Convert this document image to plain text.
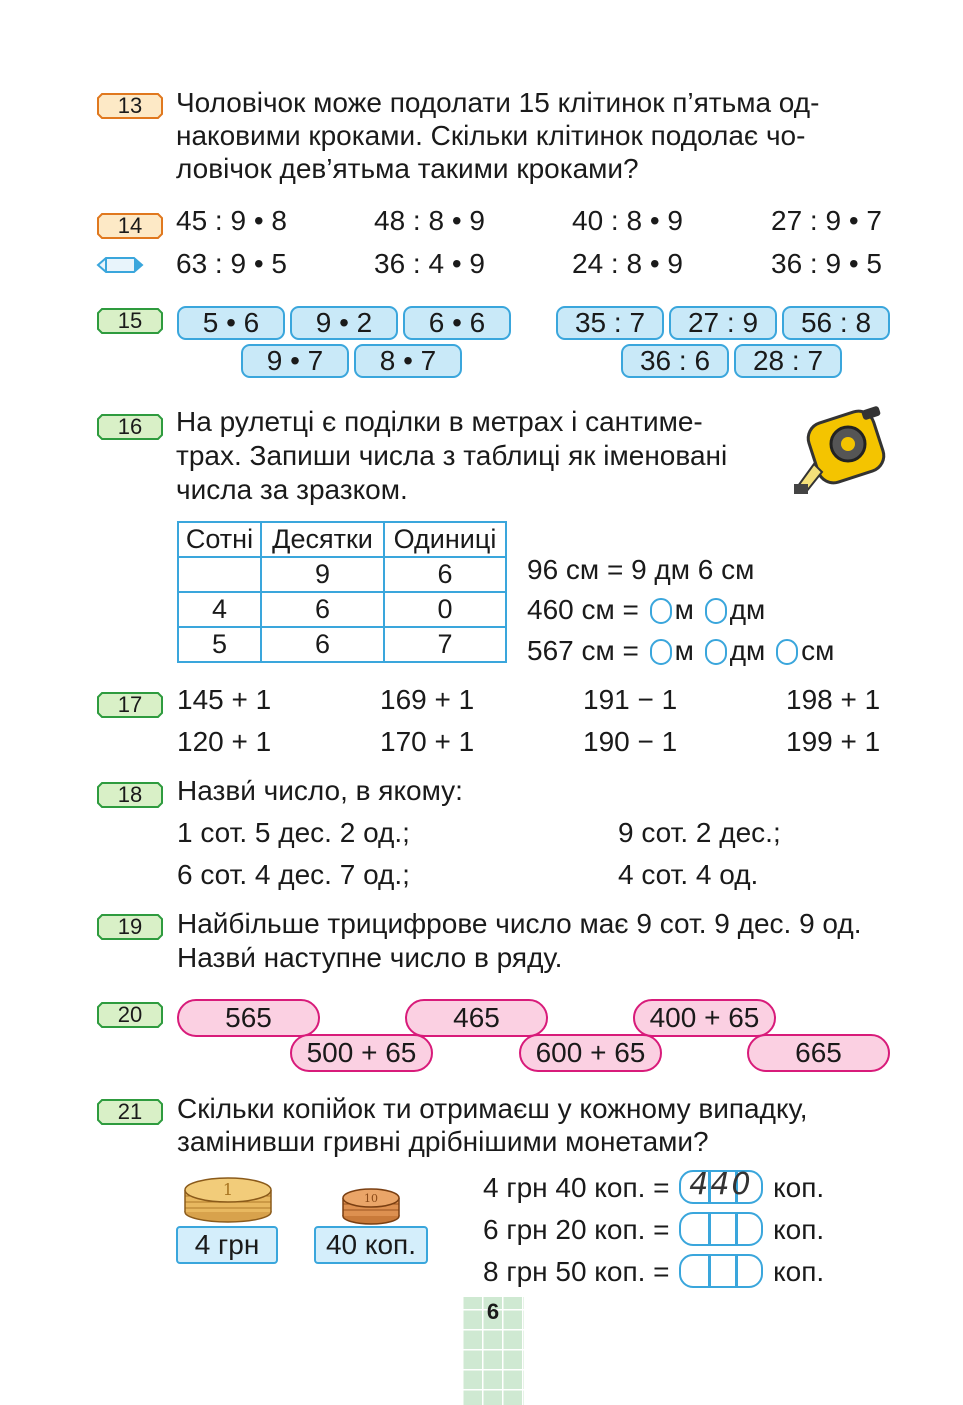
13	Чоловічок може подолати 15 клітинок п’ятьма од-
наковими кроками. Скільки клітинок подолає чо-
ловічок дев’ятьма такими кроками?
14	45 : 9 • 8	48 : 8 • 9	40 : 8 • 9	27 : 9 • 7
63 : 9 • 5	36 : 4 • 9	24 : 8 • 9	36 : 9 • 5
15	5 • 6	9 • 2	6 • 6
9 • 7	8 • 7
35 : 7	27 : 9	56 : 8
36 : 6	28 : 7
16	На рулетці є поділки в метрах і сантиме-
трах. Запиши числа з таблиці як іменовані
числа за зразком.
Сотні	Десятки	Одиниці
	9	6
4	6	0
5	6	7
96 см = 9 дм 6 см
460 см = м дм
567 см = м дм см
17	145 + 1	169 + 1	191 − 1	198 + 1
120 + 1	170 + 1	190 − 1	199 + 1
18	Назви́ число, в якому:
1 сот. 5 дес. 2 од.;	9 сот. 2 дес.;
6 сот. 4 дес. 7 од.;	4 сот. 4 од.
19	Найбільше трицифрове число має 9 сот. 9 дес. 9 од.
Назви́ наступне число в ряду.
20	565	465	400 + 65
500 + 65	600 + 65	665
21	Скільки копійок ти отримаєш у кожному випадку,
замінивши гривні дрібнішими монетами?
1	10
4 грн	40 коп.
4 грн 40 коп. = 440 коп.
6 грн 20 коп. =	коп.
8 грн 50 коп. =	коп.
6
